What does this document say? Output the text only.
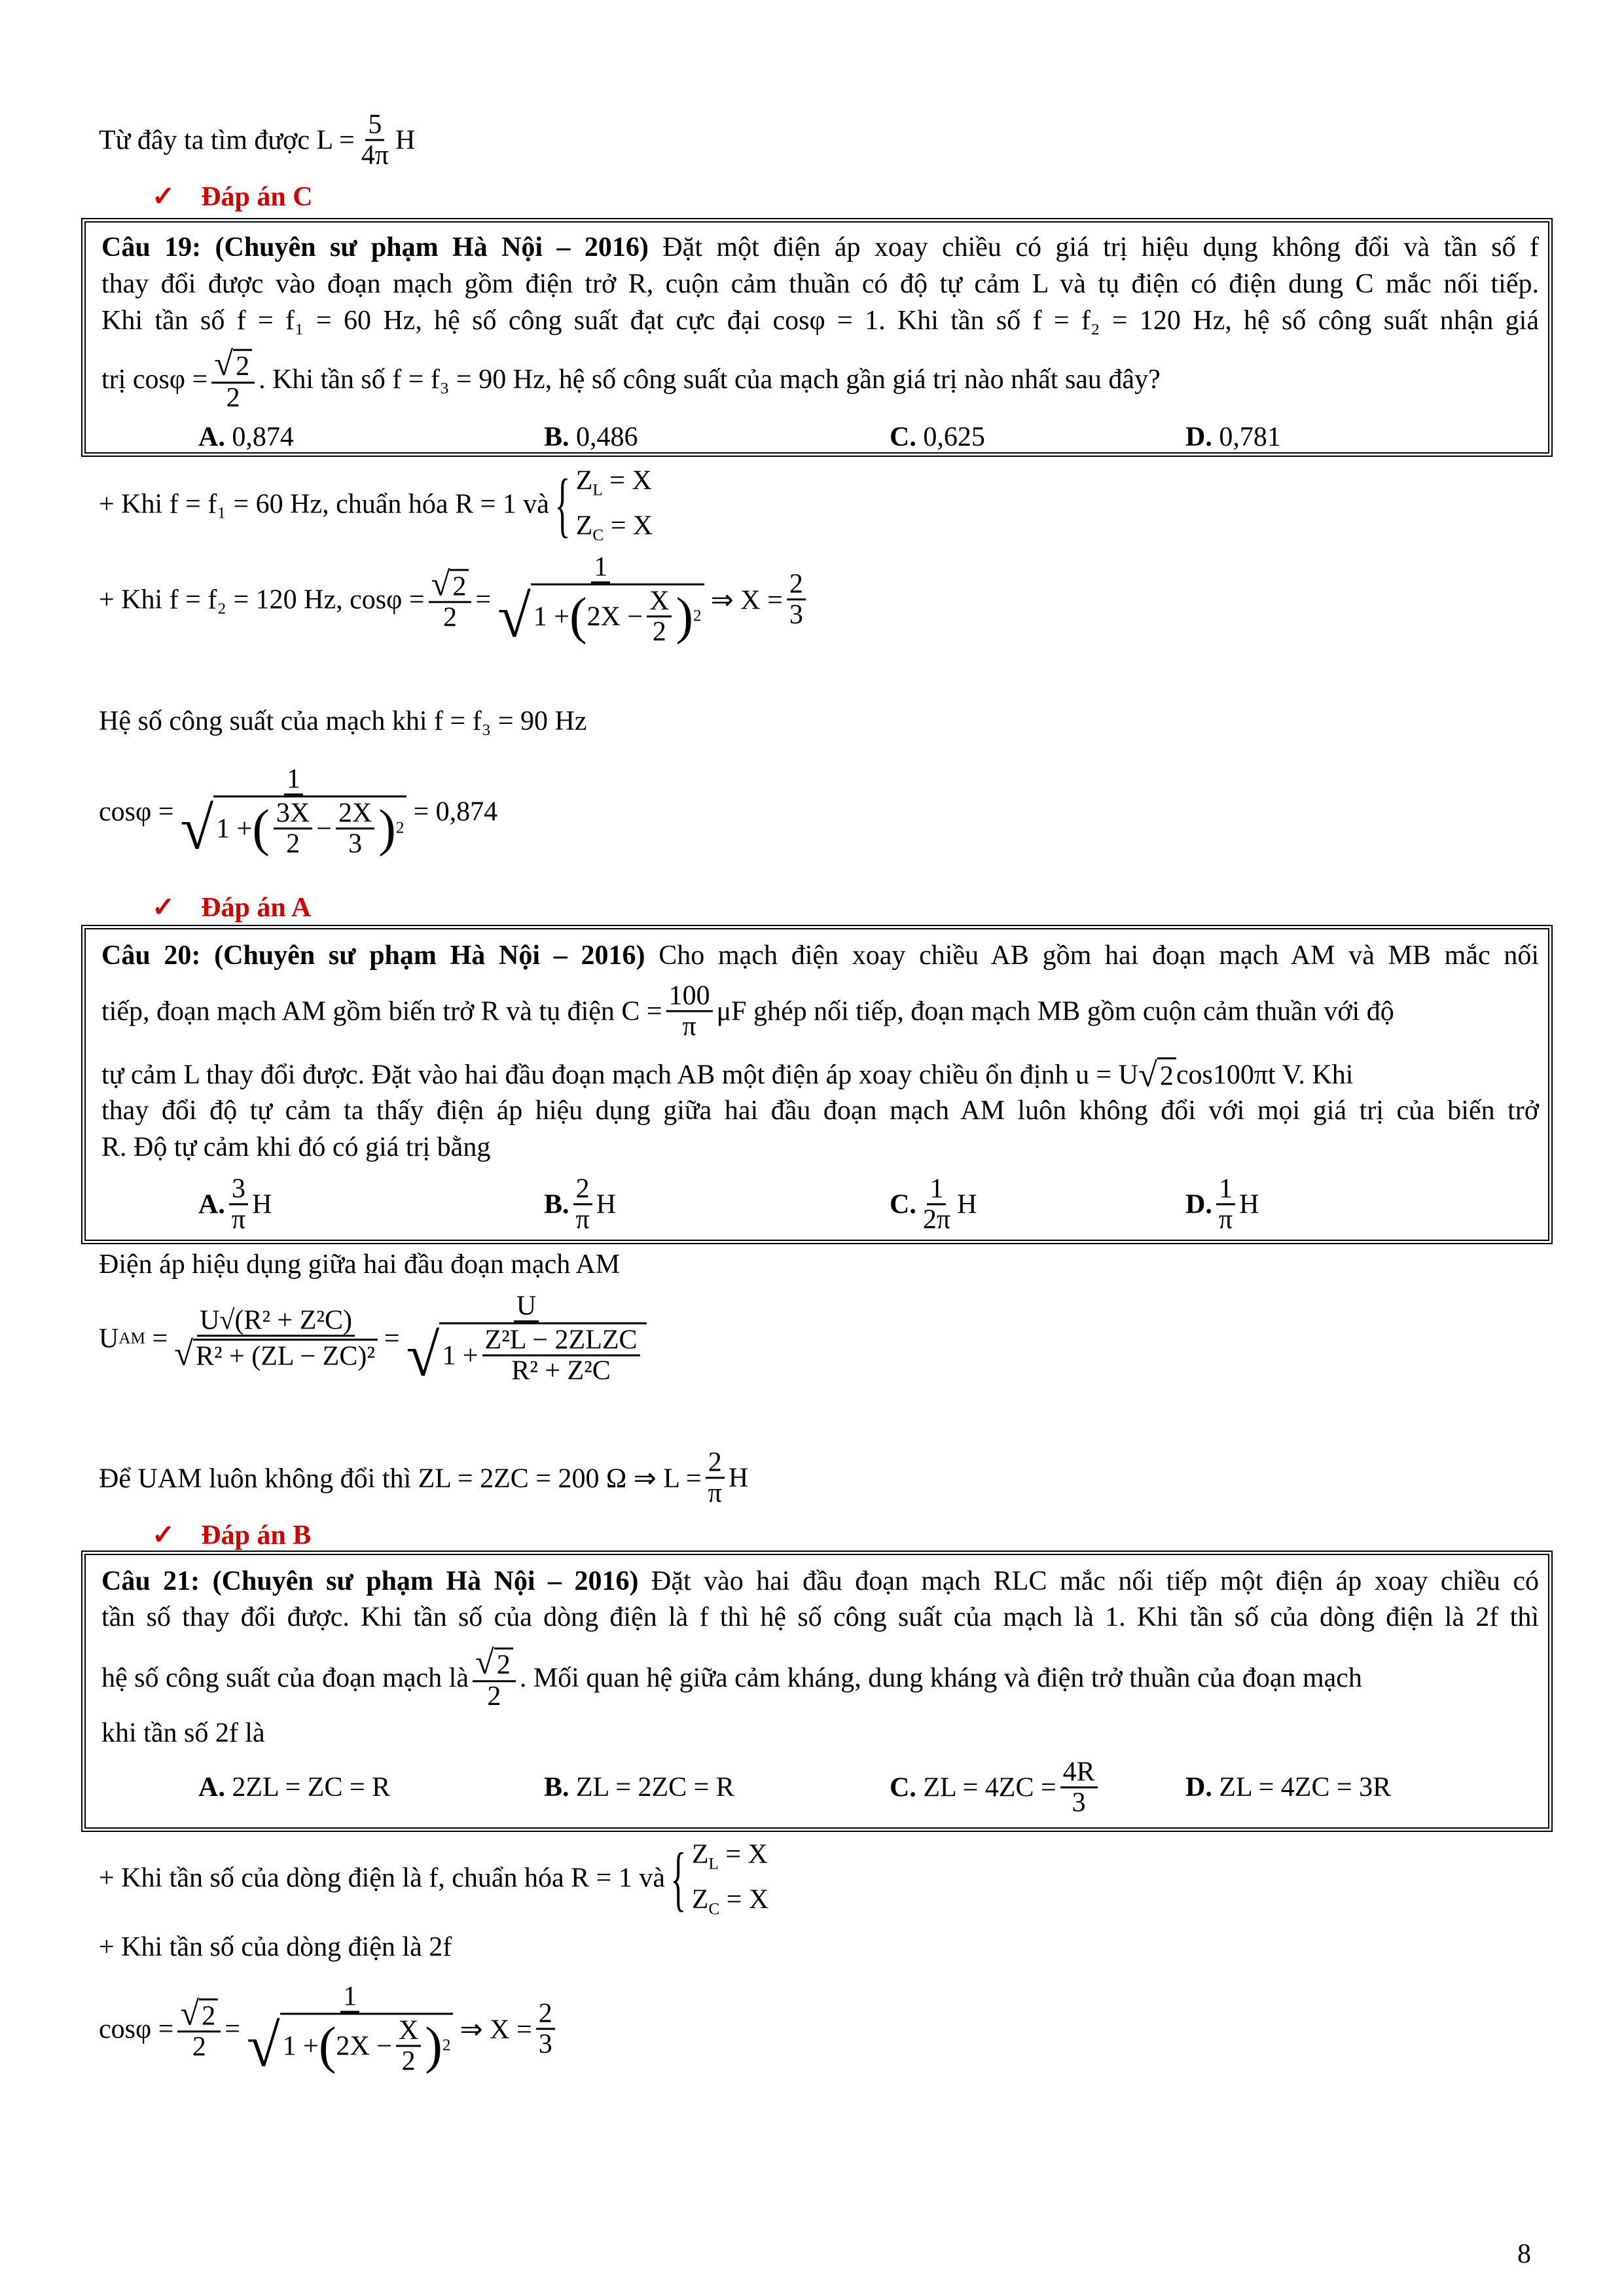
Từ đây ta tìm được
$L = \frac{5}{4\pi}$ H
✓ Đáp án C
Câu 19: (Chuyên sư phạm Hà Nội – 2016) Đặt một điện áp xoay chiều có giá trị hiệu dụng không đổi và tần số f
thay đổi được vào đoạn mạch gồm điện trở R, cuộn cảm thuần có độ tự cảm L và tụ điện có điện dung C mắc nối tiếp.
Khi tần số f = f₁ = 60 Hz, hệ số công suất đạt cực đại cosφ = 1. Khi tần số f = f₂ = 120 Hz, hệ số công suất nhận giá
trị $\cos\varphi = \frac{√ 2}{2}$ . Khi tần số f = f₃ = 90 Hz, hệ số công suất của mạch gần giá trị nào nhất sau đây?
A.
0,874	B.
0,486	C.
0,625	D.
0,781
+ Khi f = f₁ = 60 Hz, chuẩn hóa R = 1 và { $Z_L = X$
$Z_C = X$
+ Khi f = f₂ = 120 Hz, $\cos\varphi = \frac{√ 2}{2} = \frac{1}{√ 1 + ( 2X - \frac{X}{2} ) 2}$ ⇒ $X = \frac{2}{3}$
Hệ số công suất của mạch khi f = f₃ = 90 Hz
$\cos\varphi = \frac{1}{√ 1 + ( \frac{3X}{2} - \frac{2X}{3} ) 2} = 0,874$
✓ Đáp án A
Câu 20: (Chuyên sư phạm Hà Nội – 2016) Cho mạch điện xoay chiều AB gồm hai đoạn mạch AM và MB mắc nối
tiếp, đoạn mạch AM gồm biến trở R và tụ điện $C = \frac{100}{\pi}$ μF ghép nối tiếp, đoạn mạch MB gồm cuộn cảm thuần với độ
tự cảm L thay đổi được. Đặt vào hai đầu đoạn mạch AB một điện áp xoay chiều ổn định u = U √ 2 cos100πt V. Khi
thay đổi độ tự cảm ta thấy điện áp hiệu dụng giữa hai đầu đoạn mạch AM luôn không đổi với mọi giá trị của biến trở
R. Độ tự cảm khi đó có giá trị bằng
A. $\frac{3}{\pi}$ H	B. $\frac{2}{\pi}$ H	C. $\frac{1}{2\pi}$ H	D. $\frac{1}{\pi}$ H
Điện áp hiệu dụng giữa hai đầu đoạn mạch AM
U AM
= $\frac{\text{U√(R² + Z²C)}}{\text{√ R² + (ZL − ZC)²}} = \frac{U}{√ 1 + \frac{\text{Z²L − 2ZLZC}}{\text{R² + Z²C}}}$
Để UAM luôn không đổi thì ZL = 2ZC = 200 Ω ⇒ $L = \frac{2}{\pi}$ H
✓ Đáp án B
Câu 21: (Chuyên sư phạm Hà Nội – 2016) Đặt vào hai đầu đoạn mạch RLC mắc nối tiếp một điện áp xoay chiều có
tần số thay đổi được. Khi tần số của dòng điện là f thì hệ số công suất của mạch là 1. Khi tần số của dòng điện là 2f thì
hệ số công suất của đoạn mạch là $\frac{√ 2}{2}$ . Mối quan hệ giữa cảm kháng, dung kháng và điện trở thuần của đoạn mạch
khi tần số 2f là
A.
2ZL = ZC = R	B.
ZL = 2ZC = R	C.
ZL = $4ZC = \frac{4R}{3}$	D.
ZL = 4ZC = 3R
+ Khi tần số của dòng điện là f, chuẩn hóa R = 1 và { $Z_L = X$
$Z_C = X$
+ Khi tần số của dòng điện là 2f
$\cos\varphi = \frac{√ 2}{2} = \frac{1}{√ 1 + ( 2X - \frac{X}{2} ) 2}$ ⇒ $X = \frac{2}{3}$
8
